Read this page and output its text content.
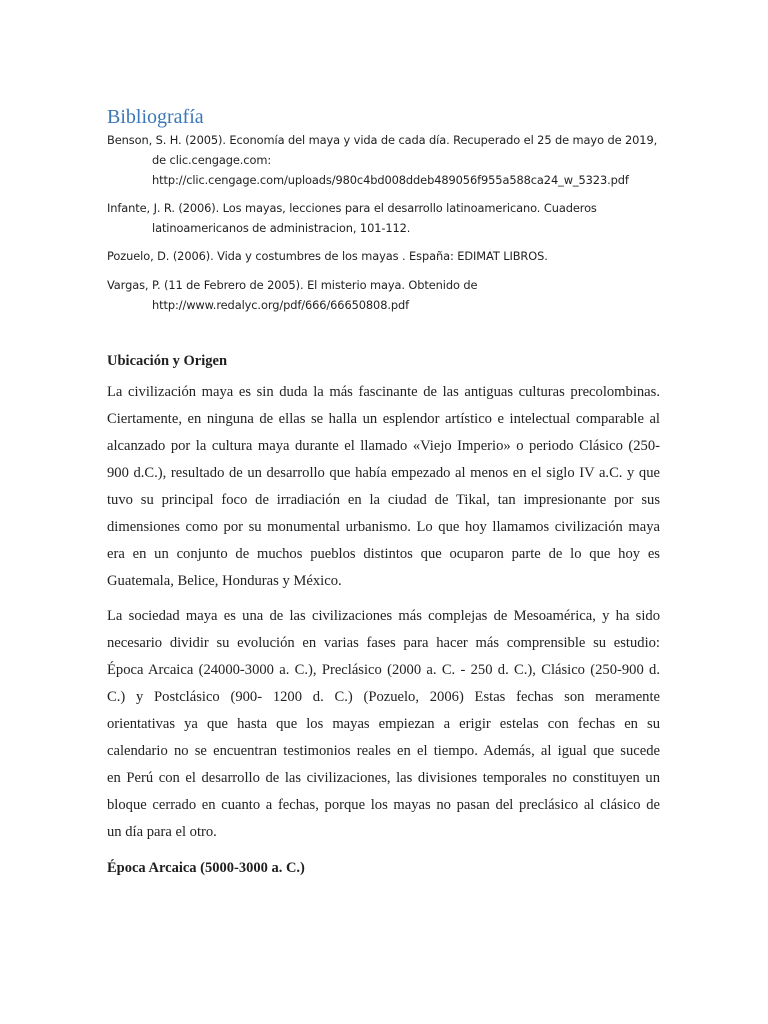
Bibliografía
Benson, S. H. (2005). Economía del maya y vida de cada día. Recuperado el 25 de mayo de 2019,
de clic.cengage.com:
http://clic.cengage.com/uploads/980c4bd008ddeb489056f955a588ca24_w_5323.pdf
Infante, J. R. (2006). Los mayas, lecciones para el desarrollo latinoamericano. Cuaderos
latinoamericanos de administracion, 101-112.
Pozuelo, D. (2006). Vida y costumbres de los mayas . España: EDIMAT LIBROS.
Vargas, P. (11 de Febrero de 2005). El misterio maya. Obtenido de
http://www.redalyc.org/pdf/666/66650808.pdf
Ubicación y Origen
La civilización maya es sin duda la más fascinante de las antiguas culturas precolombinas.
Ciertamente, en ninguna de ellas se halla un esplendor artístico e intelectual comparable al
alcanzado por la cultura maya durante el llamado «Viejo Imperio» o periodo Clásico (250-
900 d.C.), resultado de un desarrollo que había empezado al menos en el siglo IV a.C. y que
tuvo su principal foco de irradiación en la ciudad de Tikal, tan impresionante por sus
dimensiones como por su monumental urbanismo. Lo que hoy llamamos civilización maya
era en un conjunto de muchos pueblos distintos que ocuparon parte de lo que hoy es
Guatemala, Belice, Honduras y México.
La sociedad maya es una de las civilizaciones más complejas de Mesoamérica, y ha sido
necesario dividir su evolución en varias fases para hacer más comprensible su estudio:
Época Arcaica (24000-3000 a. C.), Preclásico (2000 a. C. - 250 d. C.), Clásico (250-900 d.
C.) y Postclásico (900- 1200 d. C.) (Pozuelo, 2006) Estas fechas son meramente
orientativas ya que hasta que los mayas empiezan a erigir estelas con fechas en su
calendario no se encuentran testimonios reales en el tiempo. Además, al igual que sucede
en Perú con el desarrollo de las civilizaciones, las divisiones temporales no constituyen un
bloque cerrado en cuanto a fechas, porque los mayas no pasan del preclásico al clásico de
un día para el otro.
Época Arcaica (5000-3000 a. C.)
